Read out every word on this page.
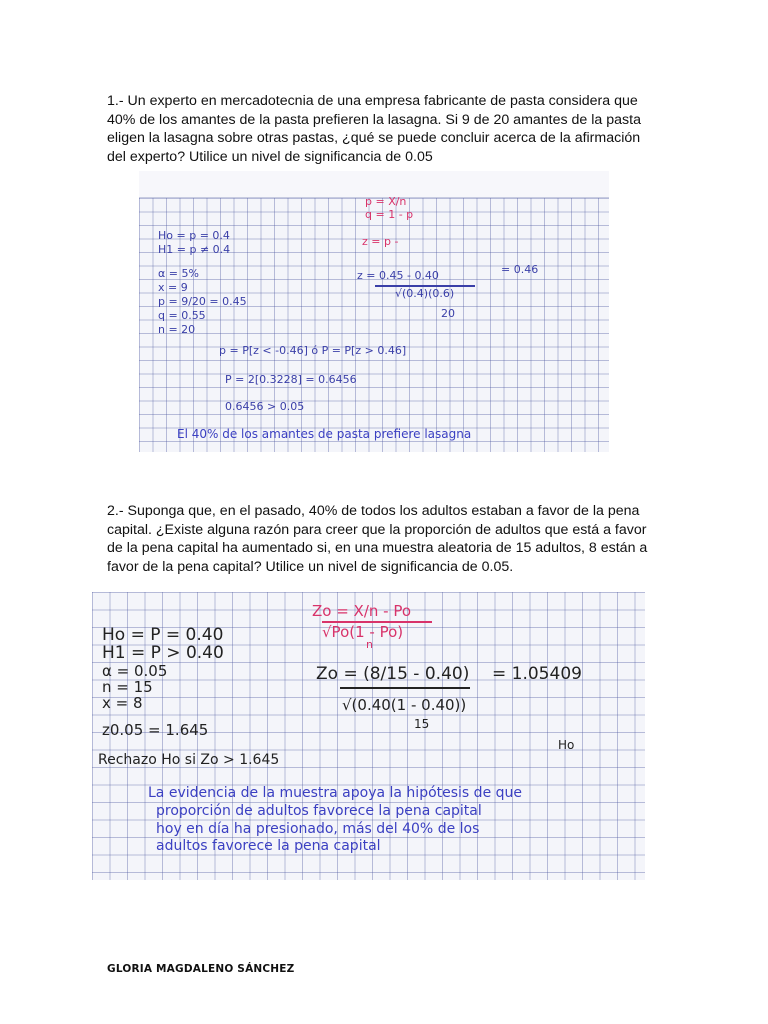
1.- Un experto en mercadotecnia de una empresa fabricante de pasta considera que 40% de los amantes de la pasta prefieren la lasagna. Si 9 de 20 amantes de la pasta eligen la lasagna sobre otras pastas, ¿qué se puede concluir acerca de la afirmación del experto? Utilice un nivel de significancia de 0.05

p = X/n
q = 1 - p
z = p -
Ho = p = 0.4
H1 = p ≠ 0.4
α = 5%
x = 9
p = 9/20 = 0.45
q = 0.55
n = 20
z = 0.45 - 0.40
√(0.4)(0.6)
20
= 0.46
p = P[z < -0.46] ó P = P[z > 0.46]
P = 2[0.3228] = 0.6456
0.6456 > 0.05
El 40% de los amantes de pasta prefiere lasagna

2.- Suponga que, en el pasado, 40% de todos los adultos estaban a favor de la pena capital. ¿Existe alguna razón para creer que la proporción de adultos que está a favor de la pena capital ha aumentado si, en una muestra aleatoria de 15 adultos, 8 están a favor de la pena capital? Utilice un nivel de significancia de 0.05.

Zo = X/n - Po
√Po(1 - Po)
n
Ho = P = 0.40
H1 = P > 0.40
α = 0.05
n = 15
x = 8
z0.05 = 1.645
Zo = (8/15 - 0.40)
√(0.40(1 - 0.40))
15
= 1.05409
Rechazo Ho si Zo > 1.645
Ho
La evidencia de la muestra apoya la hipótesis de que
proporción de adultos favorece la pena capital
hoy en día ha presionado, más del 40% de los
adultos favorece la pena capital
GLORIA MAGDALENO SÁNCHEZ
